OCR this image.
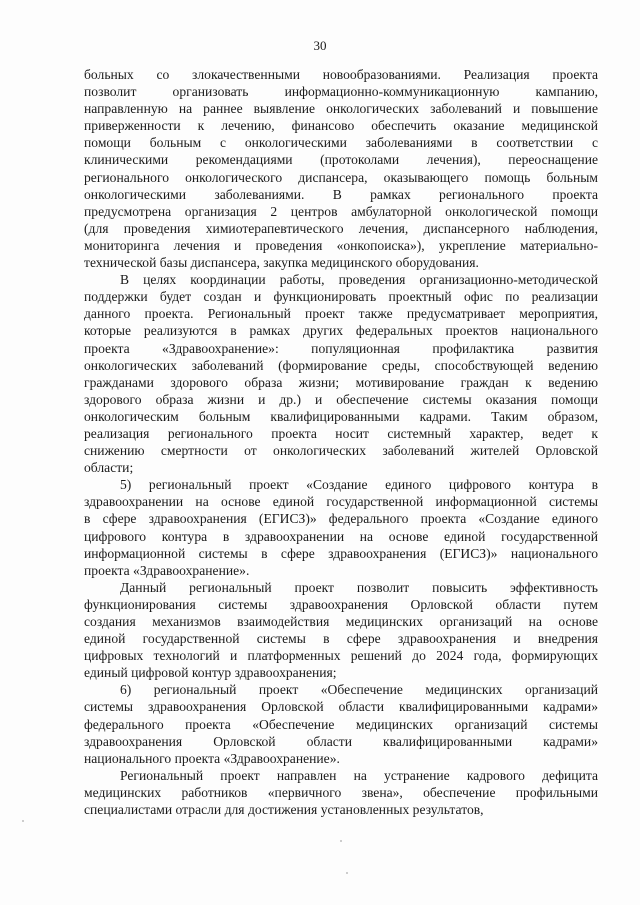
30

больных со злокачественными новообразованиями. Реализация проекта
позволит организовать информационно-коммуникационную кампанию,
направленную на раннее выявление онкологических заболеваний и повышение
приверженности к лечению, финансово обеспечить оказание медицинской
помощи больным с онкологическими заболеваниями в соответствии с
клиническими рекомендациями (протоколами лечения), переоснащение
регионального онкологического диспансера, оказывающего помощь больным
онкологическими заболеваниями. В рамках регионального проекта
предусмотрена организация 2 центров амбулаторной онкологической помощи
(для проведения химиотерапевтического лечения, диспансерного наблюдения,
мониторинга лечения и проведения «онкопоиска»), укрепление материально-
технической базы диспансера, закупка медицинского оборудования.

В целях координации работы, проведения организационно-методической
поддержки будет создан и функционировать проектный офис по реализации
данного проекта. Региональный проект также предусматривает мероприятия,
которые реализуются в рамках других федеральных проектов национального
проекта «Здравоохранение»: популяционная профилактика развития
онкологических заболеваний (формирование среды, способствующей ведению
гражданами здорового образа жизни; мотивирование граждан к ведению
здорового образа жизни и др.) и обеспечение системы оказания помощи
онкологическим больным квалифицированными кадрами. Таким образом,
реализация регионального проекта носит системный характер, ведет к
снижению смертности от онкологических заболеваний жителей Орловской
области;

5) региональный проект «Создание единого цифрового контура в
здравоохранении на основе единой государственной информационной системы
в сфере здравоохранения (ЕГИСЗ)» федерального проекта «Создание единого
цифрового контура в здравоохранении на основе единой государственной
информационной системы в сфере здравоохранения (ЕГИСЗ)» национального
проекта «Здравоохранение».

Данный региональный проект позволит повысить эффективность
функционирования системы здравоохранения Орловской области путем
создания механизмов взаимодействия медицинских организаций на основе
единой государственной системы в сфере здравоохранения и внедрения
цифровых технологий и платформенных решений до 2024 года, формирующих
единый цифровой контур здравоохранения;

6) региональный проект «Обеспечение медицинских организаций
системы здравоохранения Орловской области квалифицированными кадрами»
федерального проекта «Обеспечение медицинских организаций системы
здравоохранения Орловской области квалифицированными кадрами»
национального проекта «Здравоохранение».

Региональный проект направлен на устранение кадрового дефицита
медицинских работников «первичного звена», обеспечение профильными
специалистами отрасли для достижения установленных результатов,
